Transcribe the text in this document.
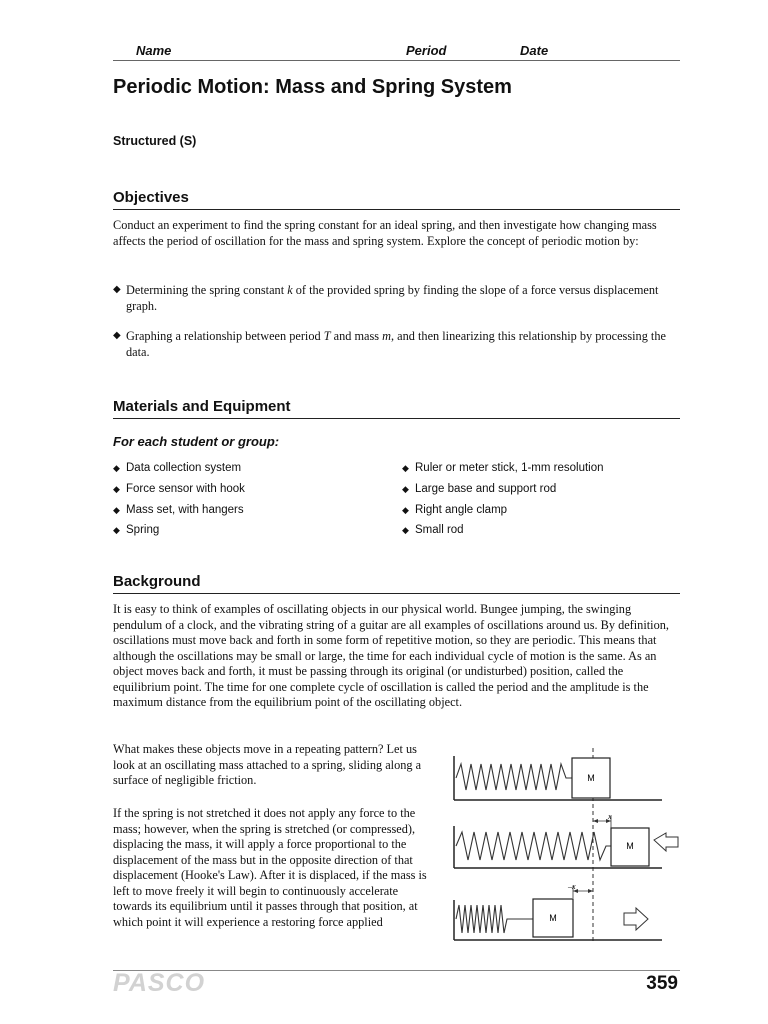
Name	Period	Date
Periodic Motion: Mass and Spring System
Structured (S)
Objectives
Conduct an experiment to find the spring constant for an ideal spring, and then investigate how changing mass affects the period of oscillation for the mass and spring system. Explore the concept of periodic motion by:
◆ Determining the spring constant k of the provided spring by finding the slope of a force versus displacement graph.
◆ Graphing a relationship between period T and mass m, and then linearizing this relationship by processing the data.
Materials and Equipment
For each student or group:
◆ Data collection system
◆ Force sensor with hook
◆ Mass set, with hangers
◆ Spring
◆ Ruler or meter stick, 1-mm resolution
◆ Large base and support rod
◆ Right angle clamp
◆ Small rod
Background
It is easy to think of examples of oscillating objects in our physical world. Bungee jumping, the swinging pendulum of a clock, and the vibrating string of a guitar are all examples of oscillations around us. By definition, oscillations must move back and forth in some form of repetitive motion, so they are periodic. This means that although the oscillations may be small or large, the time for each individual cycle of motion is the same. As an object moves back and forth, it must be passing through its original (or undisturbed) position, called the equilibrium point. The time for one complete cycle of oscillation is called the period and the amplitude is the maximum distance from the equilibrium point of the oscillating object.
What makes these objects move in a repeating pattern? Let us look at an oscillating mass attached to a spring, sliding along a surface of negligible friction.
If the spring is not stretched it does not apply any force to the mass; however, when the spring is stretched (or compressed), displacing the mass, it will apply a force proportional to the displacement of the mass but in the opposite direction of that displacement (Hooke's Law). After it is displaced, if the mass is left to move freely it will begin to continuously accelerate towards its equilibrium until it passes through that position, at which point it will experience a restoring force applied
M
M
x
M
–x
PASCO	359
